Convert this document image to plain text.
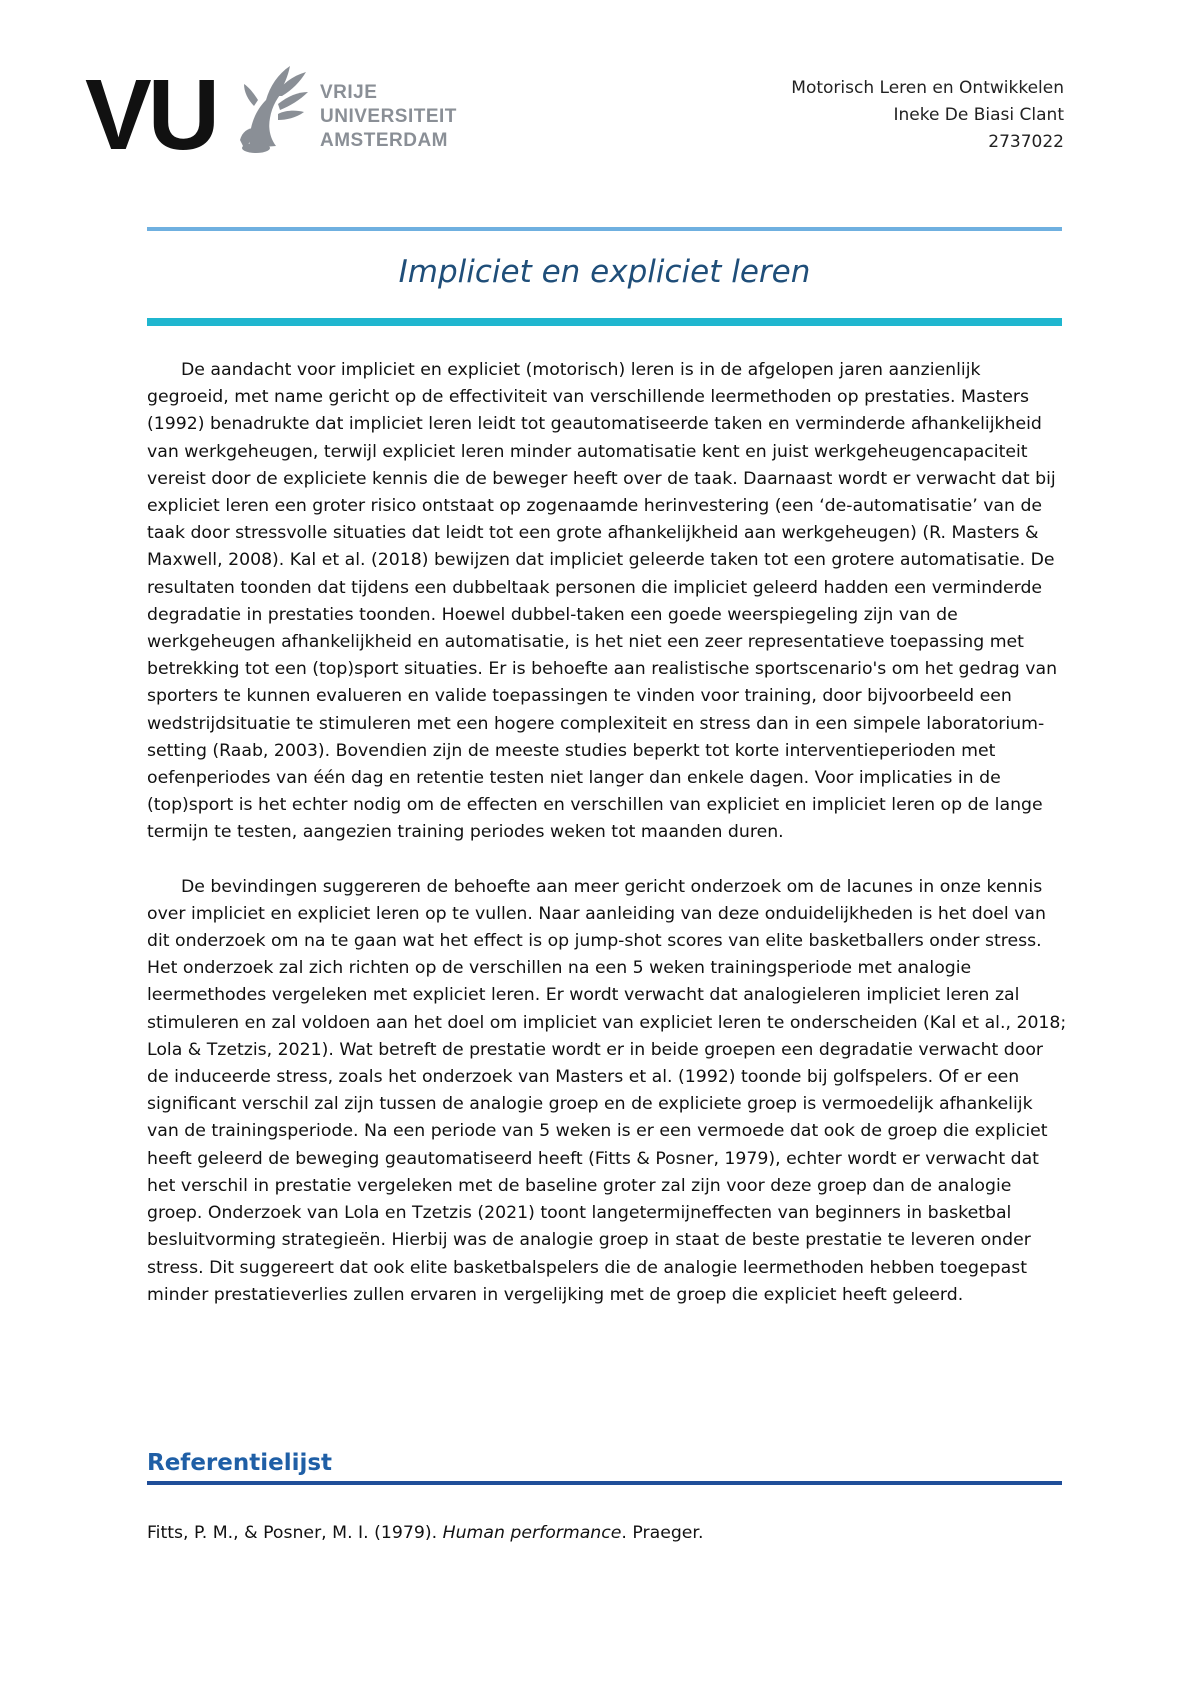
VU	VRIJE
UNIVERSITEIT
AMSTERDAM
Motorisch Leren en Ontwikkelen
Ineke De Biasi Clant
2737022
Impliciet en expliciet leren

De aandacht voor impliciet en expliciet (motorisch) leren is in de afgelopen jaren aanzienlijk gegroeid, met name gericht op de effectiviteit van verschillende leermethoden op prestaties. Masters (1992) benadrukte dat impliciet leren leidt tot geautomatiseerde taken en verminderde afhankelijkheid van werkgeheugen, terwijl expliciet leren minder automatisatie kent en juist werkgeheugencapaciteit vereist door de expliciete kennis die de beweger heeft over de taak. Daarnaast wordt er verwacht dat bij expliciet leren een groter risico ontstaat op zogenaamde herinvestering (een ‘de-automatisatie’ van de taak door stressvolle situaties dat leidt tot een grote afhankelijkheid aan werkgeheugen) (R. Masters & Maxwell, 2008). Kal et al. (2018) bewijzen dat impliciet geleerde taken tot een grotere automatisatie. De resultaten toonden dat tijdens een dubbeltaak personen die impliciet geleerd hadden een verminderde degradatie in prestaties toonden. Hoewel dubbel-taken een goede weerspiegeling zijn van de werkgeheugen afhankelijkheid en automatisatie, is het niet een zeer representatieve toepassing met betrekking tot een (top)sport situaties. Er is behoefte aan realistische sportscenario's om het gedrag van sporters te kunnen evalueren en valide toepassingen te vinden voor training, door bijvoorbeeld een wedstrijdsituatie te stimuleren met een hogere complexiteit en stress dan in een simpele laboratorium-setting (Raab, 2003). Bovendien zijn de meeste studies beperkt tot korte interventieperioden met oefenperiodes van één dag en retentie testen niet langer dan enkele dagen. Voor implicaties in de (top)sport is het echter nodig om de effecten en verschillen van expliciet en impliciet leren op de lange termijn te testen, aangezien training periodes weken tot maanden duren.

De bevindingen suggereren de behoefte aan meer gericht onderzoek om de lacunes in onze kennis over impliciet en expliciet leren op te vullen. Naar aanleiding van deze onduidelijkheden is het doel van dit onderzoek om na te gaan wat het effect is op jump-shot scores van elite basketballers onder stress. Het onderzoek zal zich richten op de verschillen na een 5 weken trainingsperiode met analogie leermethodes vergeleken met expliciet leren. Er wordt verwacht dat analogieleren impliciet leren zal stimuleren en zal voldoen aan het doel om impliciet van expliciet leren te onderscheiden (Kal et al., 2018; Lola & Tzetzis, 2021). Wat betreft de prestatie wordt er in beide groepen een degradatie verwacht door de induceerde stress, zoals het onderzoek van Masters et al. (1992) toonde bij golfspelers. Of er een significant verschil zal zijn tussen de analogie groep en de expliciete groep is vermoedelijk afhankelijk van de trainingsperiode. Na een periode van 5 weken is er een vermoede dat ook de groep die expliciet heeft geleerd de beweging geautomatiseerd heeft (Fitts & Posner, 1979), echter wordt er verwacht dat het verschil in prestatie vergeleken met de baseline groter zal zijn voor deze groep dan de analogie groep. Onderzoek van Lola en Tzetzis (2021) toont langetermijneffecten van beginners in basketbal besluitvorming strategieën. Hierbij was de analogie groep in staat de beste prestatie te leveren onder stress. Dit suggereert dat ook elite basketbalspelers die de analogie leermethoden hebben toegepast minder prestatieverlies zullen ervaren in vergelijking met de groep die expliciet heeft geleerd.

Referentielijst
Fitts, P. M., & Posner, M. I. (1979). Human performance. Praeger.
